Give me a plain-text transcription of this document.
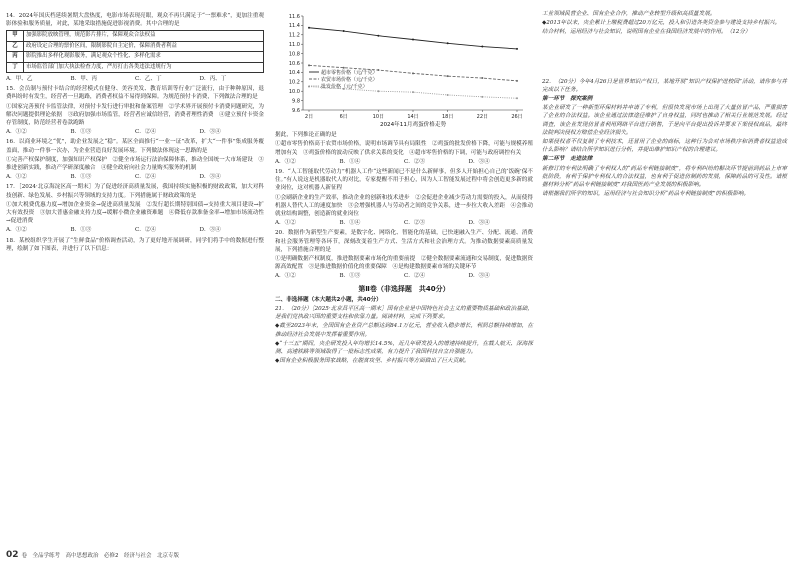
14．2024年国庆档延续暑期大盘热度，电影市场表现亮眼，观众不再只满足于“一票难求”，更加注重观影体验和服务质量，对此，某地采取措施促进影视消费。其中合理的是

甲	加强影院放映管理，规范影片排片，保障观众合法权益
乙	政府设定合理的票价区间，限制影院自主定价，保障消费者利益
丙	影院推出多样化观影服务，满足观众个性化、多样化需求
丁	市场监管部门加大执法检查力度，严厉打击各类违法违规行为
A．甲、乙	B．甲、丙	C．乙、丁	D．丙、丁

15．会员制与预付卡结合的经营模式在健身、美容美发、教育培训等行业广泛流行，由于种种原因，退费纠纷时有发生，经营者一旦跑路，消费者权益不易得到保障。为规范预付卡消费，下列做法合理的是

①国家完善预付卡监管法律，对预付卡发行进行审批和备案管理　②学术界开展预付卡消费问题研究，为解决问题提供理论依据　③政府加强市场监管，经营者应诚信经营，消费者理性消费　④建立预付卡资金存管制度，防范经营者卷款跑路

A．①②	B．①③	C．②④	D．③④

16．以商业环境之“优”，助企业发展之“稳”。某区全面推行“一业一证”改革，扩大“一件事”集成服务覆盖面，推动一件事一次办，为企业营造良好发展环境。下列做法体现这一思路的是

①完善产权保护制度，加强知识产权保护　②健全市场运行法治保障体系，推动全国统一大市场建设　③推进创新实践，推动产学研深度融合　④健全政府向社会力量购买服务的机制

A．①②	B．①③	C．②④	D．③④

17．［2024·北京海淀区高一期末］为了促进经济高质量发展，我国持续实施积极的财政政策，加大对科技创新、绿色发展、乡村振兴等领域的支持力度。下列措施属于财政政策的是

①加大税费优惠力度→增加企业资金→促进高质量发展　②发行超长期特别国债→支持重大项目建设→扩大有效投资　③加大普惠金融支持力度→缓解小微企业融资难题　④降低存款准备金率→增加市场流动性→促进消费

A．①②	B．①③	C．②④	D．③④

18．某校组织学生开展了“生鲜食品”价格调查活动，为了更好地开展调研，同学们将手中的数据进行整理，绘制了如下图表，并进行了以下信息：

9.6
9.8
10.0
10.2
10.4
10.6
10.8
11.0
11.2
11.4
11.6
2日	6日	10日	14日	18日	22日	26日
超市零售价格（元/千克）
农贸市场价格（元/千克）
批发价格（元/千克）
2024年11月鸡蛋价格走势

据此，下列推论正确的是

①超市零售价格高于农贸市场价格，说明市场调节具有局限性　②鸡蛋的批发价格下降，可能与规模养殖增加有关　③鸡蛋价格的波动反映了供求关系的变化　④超市零售价格的下调，可能与政府调控有关

A．①②	B．①④	C．②③	D．③④

19．“人工智能取代劳动力”机器人工作“这些新闻已不是什么新鲜事，但多人开始担心自己的‘饭碗’保不住。”有人说这是机器取代人的对比，专家提醒不用于担心，因为人工智能发展过程中将会创造更多新的就业岗位，这对机器人新征程

①会刷新企业的生产效率，推动企业的创新和技术进步　②会促进企业减少劳动力需要的投入，从而使得机器人替代人工的速度加快　③会增强机器人与劳动者之间的竞争关系，进一步拉大收入差距　④会推动就业结构调整，创造新的就业岗位

A．①②	B．①④	C．②③	D．③④

20．数据作为新型生产要素，是数字化、网络化、智能化的基础，已快速融入生产、分配、流通、消费和社会服务管理等各环节，深刻改变着生产方式、生活方式和社会治理方式。为推动数据要素高质量发展，下列措施合理的是

①是明确数据产权制度，推进数据要素市场化的重要前提　②健全数据要素流通和交易制度，促进数据资源高效配置　③是推进数据价值化的重要保障　④是构建数据要素市场的关键环节

A．①②	B．①③	C．②④	D．③④
第Ⅱ卷（非选择题　共40分）

二、非选择题（本大题共2小题，共40分）

21．（20分）［2025·北京昌平区高一期末］国有企业是中国特色社会主义的重要物质基础和政治基础，是我们党执政兴国的重要支柱和依靠力量。阅读材料，完成下列要求。

◆截至2023年末，全国国有企业资产总额达到84.1万亿元，营业收入稳步增长，利润总额持续增加，在推动经济社会发展中发挥着重要作用。

◆“十三五”期间，央企研发投入年均增长14.5%，近几年研发投入的增速持续提升，在载人航天、深海探测、高速铁路等领域取得了一批标志性成果，有力提升了我国科技自立自强能力。

◆国有企业积极服务国家战略，在脱贫攻坚、乡村振兴等方面做出了巨大贡献。

工业领域民营企业、国有企业合作，推动产业转型升级和高质量发展。

◆2013年以来，央企累计上缴税费超过20万亿元，投入和引进各类资金参与建设支持乡村振兴。

结合材料，运用经济与社会知识，说明国有企业在我国经济发展中的作用。（12分）

22．（20分）今年4月26日是世界知识产权日，某地开展“知识产权保护进校园”活动，请你参与并完成以下任务。

第一环节　探究案例

某企业研发了一种新型环保材料并申请了专利，但很快发现市场上出现了大量仿冒产品，严重损害了企业的合法权益。该企业通过法律途径维护了自身权益，同时也推动了相关行业规范发展。经过调查，该企业发现仿冒者利用网络平台进行销售，于是向平台提出投诉并要求下架侵权商品，最终法院判决侵权方赔偿企业经济损失。

如果侵权者不仅复制了专利技术，还冒用了企业的商标，这种行为会对市场秩序和消费者权益造成什么影响？请结合所学知识进行分析，并提出维护知识产权的合理建议。

第二环节　走进法律

新修订的专利法明确了专利权人的“药品专利链接制度”，将专利纠纷的解决环节提前到药品上市审批阶段，有利于保护专利权人的合法权益，也有利于促进仿制药的发展，保障药品的可及性。请根据材料分析“药品专利链接制度”对我国医药产业发展的积极影响。

请根据我们所学的知识，运用经济与社会知识分析“药品专利链接制度”的积极影响。

02 卷　全品学练考　高中思想政治　必修2　经济与社会　北京专版
